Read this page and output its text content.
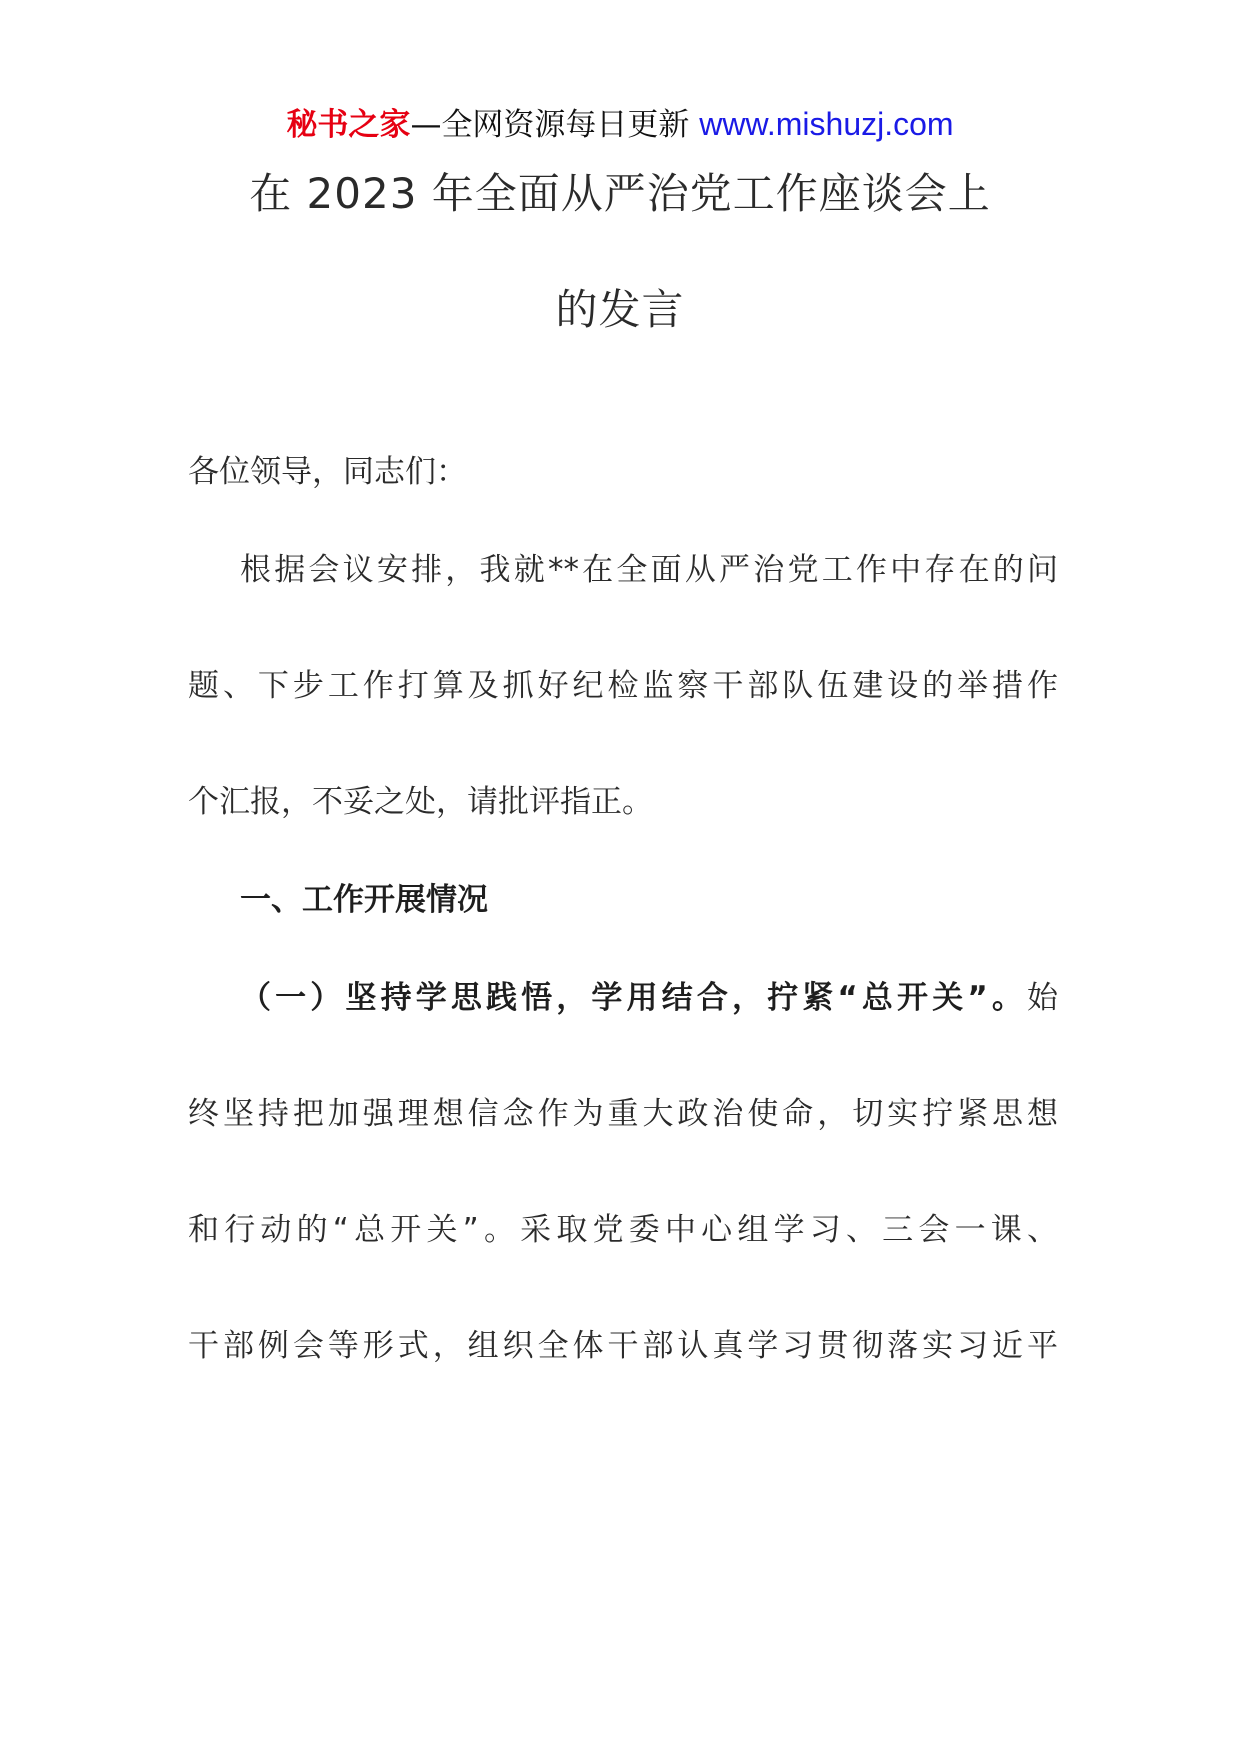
秘书之家—全网资源每日更新 www.mishuzj.com
在 2023 年全面从严治党工作座谈会上
的发言
各位领导，同志们：
根据会议安排，我就**在全面从严治党工作中存在的问
题、下步工作打算及抓好纪检监察干部队伍建设的举措作
个汇报，不妥之处，请批评指正。
一、工作开展情况
（一）坚持学思践悟，学用结合，拧紧“总开关”。始
终坚持把加强理想信念作为重大政治使命，切实拧紧思想
和行动的“总开关”。采取党委中心组学习、三会一课、
干部例会等形式，组织全体干部认真学习贯彻落实习近平
